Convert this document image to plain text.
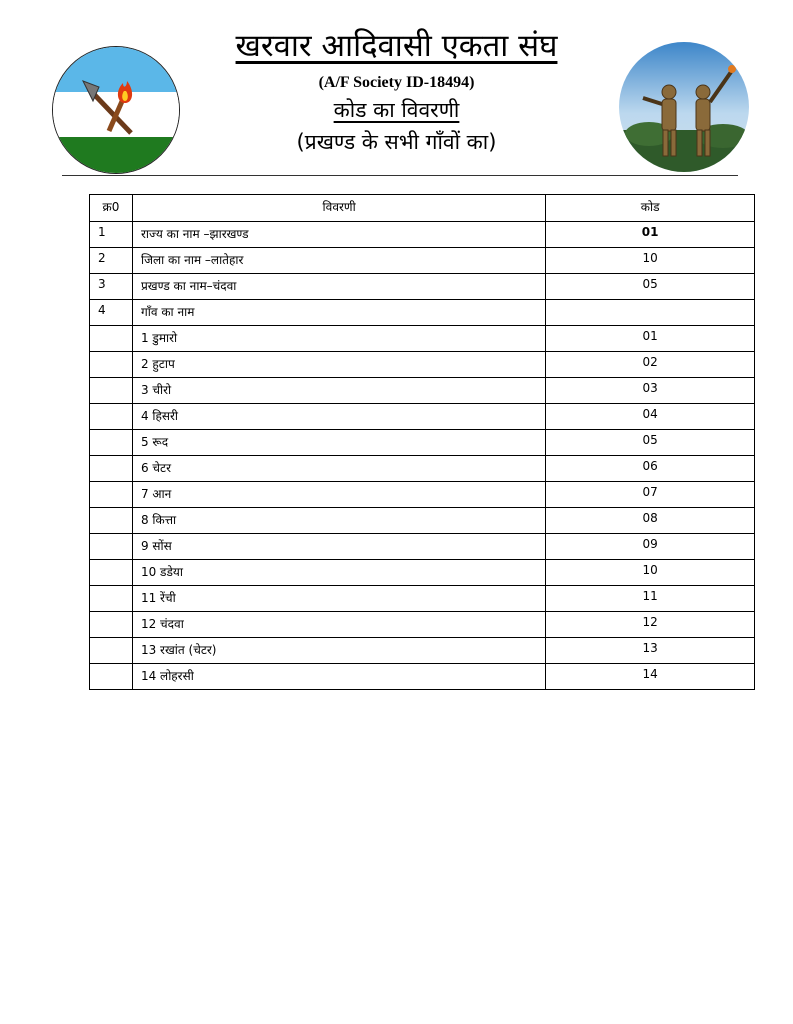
खरवार आदिवासी एकता संघ
(A/F Society ID-18494)
कोड का विवरणी
(प्रखण्ड के सभी गाँवों का)
क्र0	विवरणी	कोड
1	राज्य का नाम –झारखण्ड	01
2	जिला का नाम –लातेहार	10
3	प्रखण्ड का नाम–चंदवा	05
4	गाँव का नाम	
	1 डुमारो	01
	2 हुटाप	02
	3 चीरो	03
	4 हिसरी	04
	5 रूद	05
	6 चेटर	06
	7 आन	07
	8 कित्ता	08
	9 सोंस	09
	10 डडेया	10
	11 रेंची	11
	12 चंदवा	12
	13 रखांत (चेटर)	13
	14 लोहरसी	14
